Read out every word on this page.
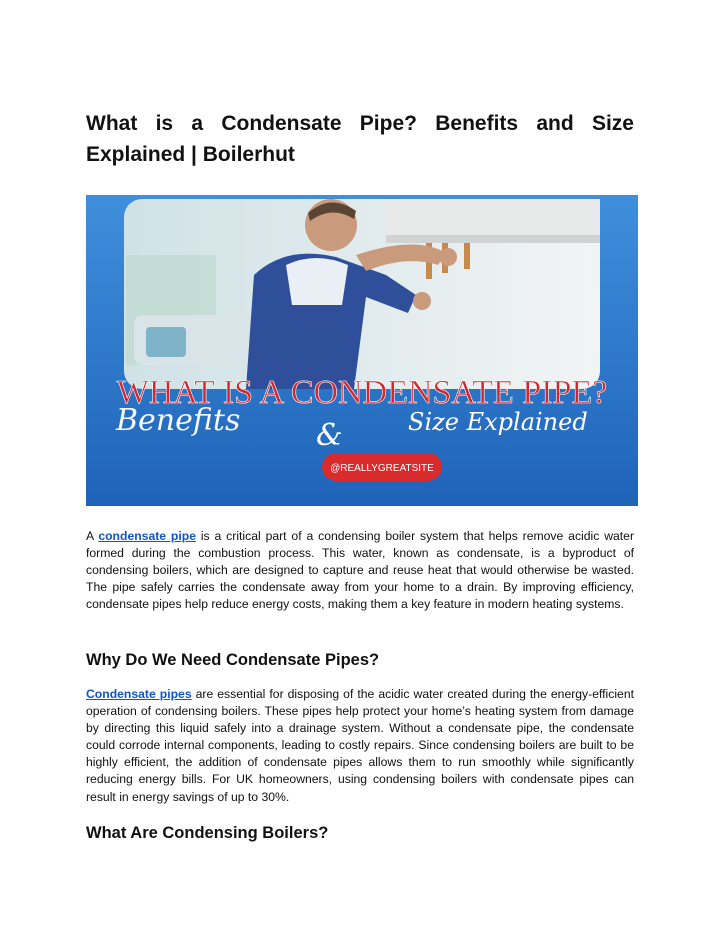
What is a Condensate Pipe? Benefits and Size Explained | Boilerhut
WHAT IS A CONDENSATE PIPE?
Benefits	&	Size Explained
@REALLYGREATSITE

A condensate pipe is a critical part of a condensing boiler system that helps remove acidic water formed during the combustion process. This water, known as condensate, is a byproduct of condensing boilers, which are designed to capture and reuse heat that would otherwise be wasted. The pipe safely carries the condensate away from your home to a drain. By improving efficiency, condensate pipes help reduce energy costs, making them a key feature in modern heating systems.

Why Do We Need Condensate Pipes?

Condensate pipes are essential for disposing of the acidic water created during the energy-efficient operation of condensing boilers. These pipes help protect your home’s heating system from damage by directing this liquid safely into a drainage system. Without a condensate pipe, the condensate could corrode internal components, leading to costly repairs. Since condensing boilers are built to be highly efficient, the addition of condensate pipes allows them to run smoothly while significantly reducing energy bills. For UK homeowners, using condensing boilers with condensate pipes can result in energy savings of up to 30%.

What Are Condensing Boilers?
